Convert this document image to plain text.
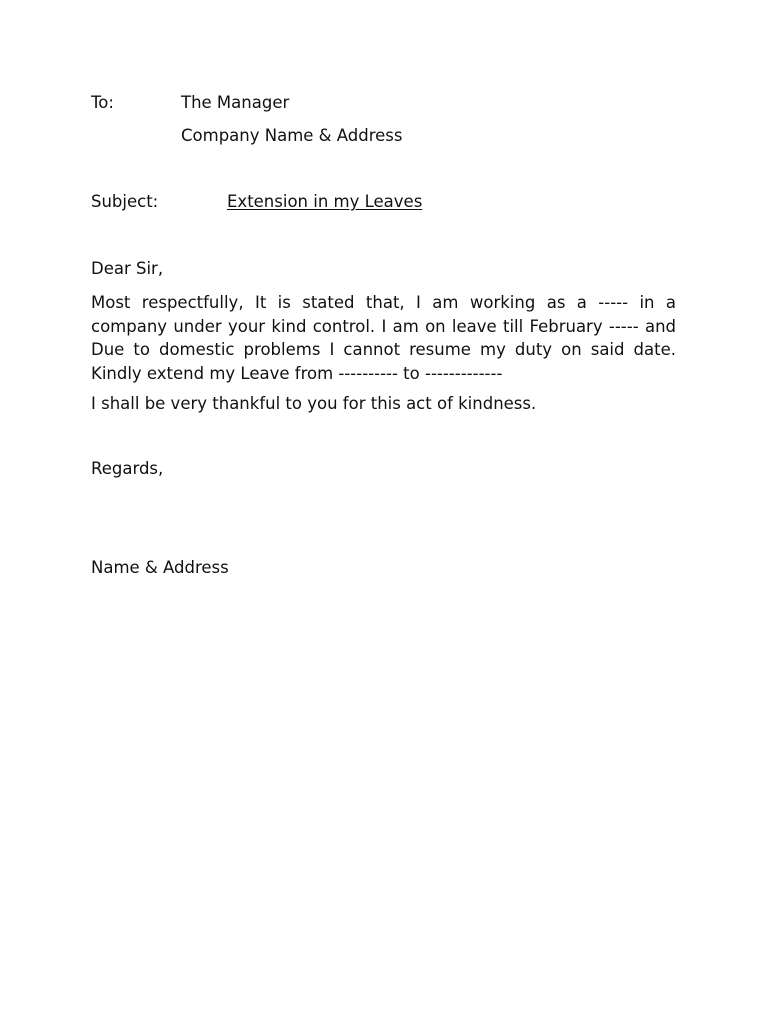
To:	The Manager
Company Name & Address
Subject:	Extension in my Leaves
Dear Sir,
Most respectfully, It is stated that, I am working as a ----- in a company under your kind control. I am on leave till February ----- and Due to domestic problems I cannot resume my duty on said date. Kindly extend my Leave from ---------- to -------------
I shall be very thankful to you for this act of kindness.
Regards,
Name & Address
